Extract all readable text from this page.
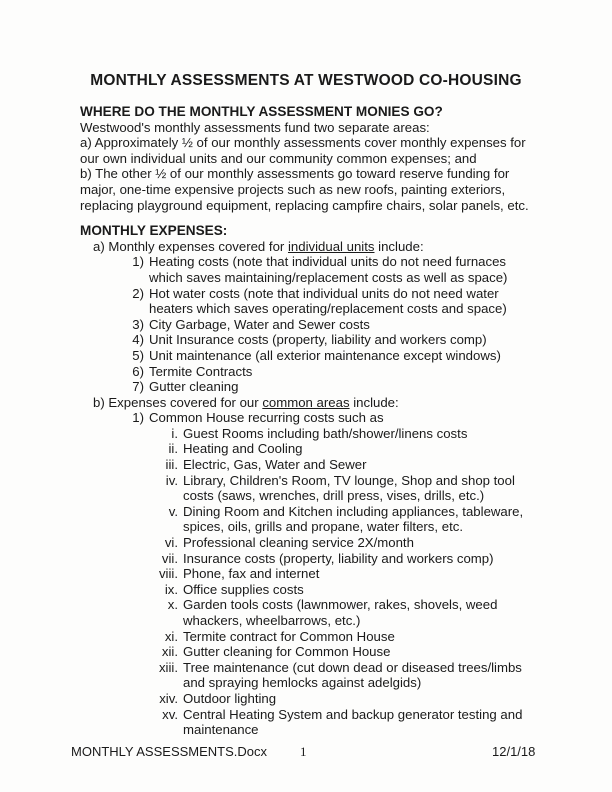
MONTHLY ASSESSMENTS AT WESTWOOD CO-HOUSING

WHERE DO THE MONTHLY ASSESSMENT MONIES GO?

Westwood's monthly assessments fund two separate areas:

a) Approximately ½ of our monthly assessments cover monthly expenses for

our own individual units and our community common expenses; and

b) The other ½ of our monthly assessments go toward reserve funding for

major, one-time expensive projects such as new roofs, painting exteriors,

replacing playground equipment, replacing campfire chairs, solar panels, etc.

MONTHLY EXPENSES:

a) Monthly expenses covered for individual units include:

1) Heating costs (note that individual units do not need furnaces which saves maintaining/replacement costs as well as space)
2) Hot water costs (note that individual units do not need water heaters which saves operating/replacement costs and space)
3) City Garbage, Water and Sewer costs
4) Unit Insurance costs (property, liability and workers comp)
5) Unit maintenance (all exterior maintenance except windows)
6) Termite Contracts
7) Gutter cleaning

b) Expenses covered for our common areas include:

1) Common House recurring costs such as
i. Guest Rooms including bath/shower/linens costs
ii. Heating and Cooling
iii. Electric, Gas, Water and Sewer
iv. Library, Children's Room, TV lounge, Shop and shop tool costs (saws, wrenches, drill press, vises, drills, etc.)
v. Dining Room and Kitchen including appliances, tableware, spices, oils, grills and propane, water filters, etc.
vi. Professional cleaning service 2X/month
vii. Insurance costs (property, liability and workers comp)
viii. Phone, fax and internet
ix. Office supplies costs
x. Garden tools costs (lawnmower, rakes, shovels, weed whackers, wheelbarrows, etc.)
xi. Termite contract for Common House
xii. Gutter cleaning for Common House
xiii. Tree maintenance (cut down dead or diseased trees/limbs and spraying hemlocks against adelgids)
xiv. Outdoor lighting
xv. Central Heating System and backup generator testing and maintenance
MONTHLY ASSESSMENTS.Docx	1	12/1/18
